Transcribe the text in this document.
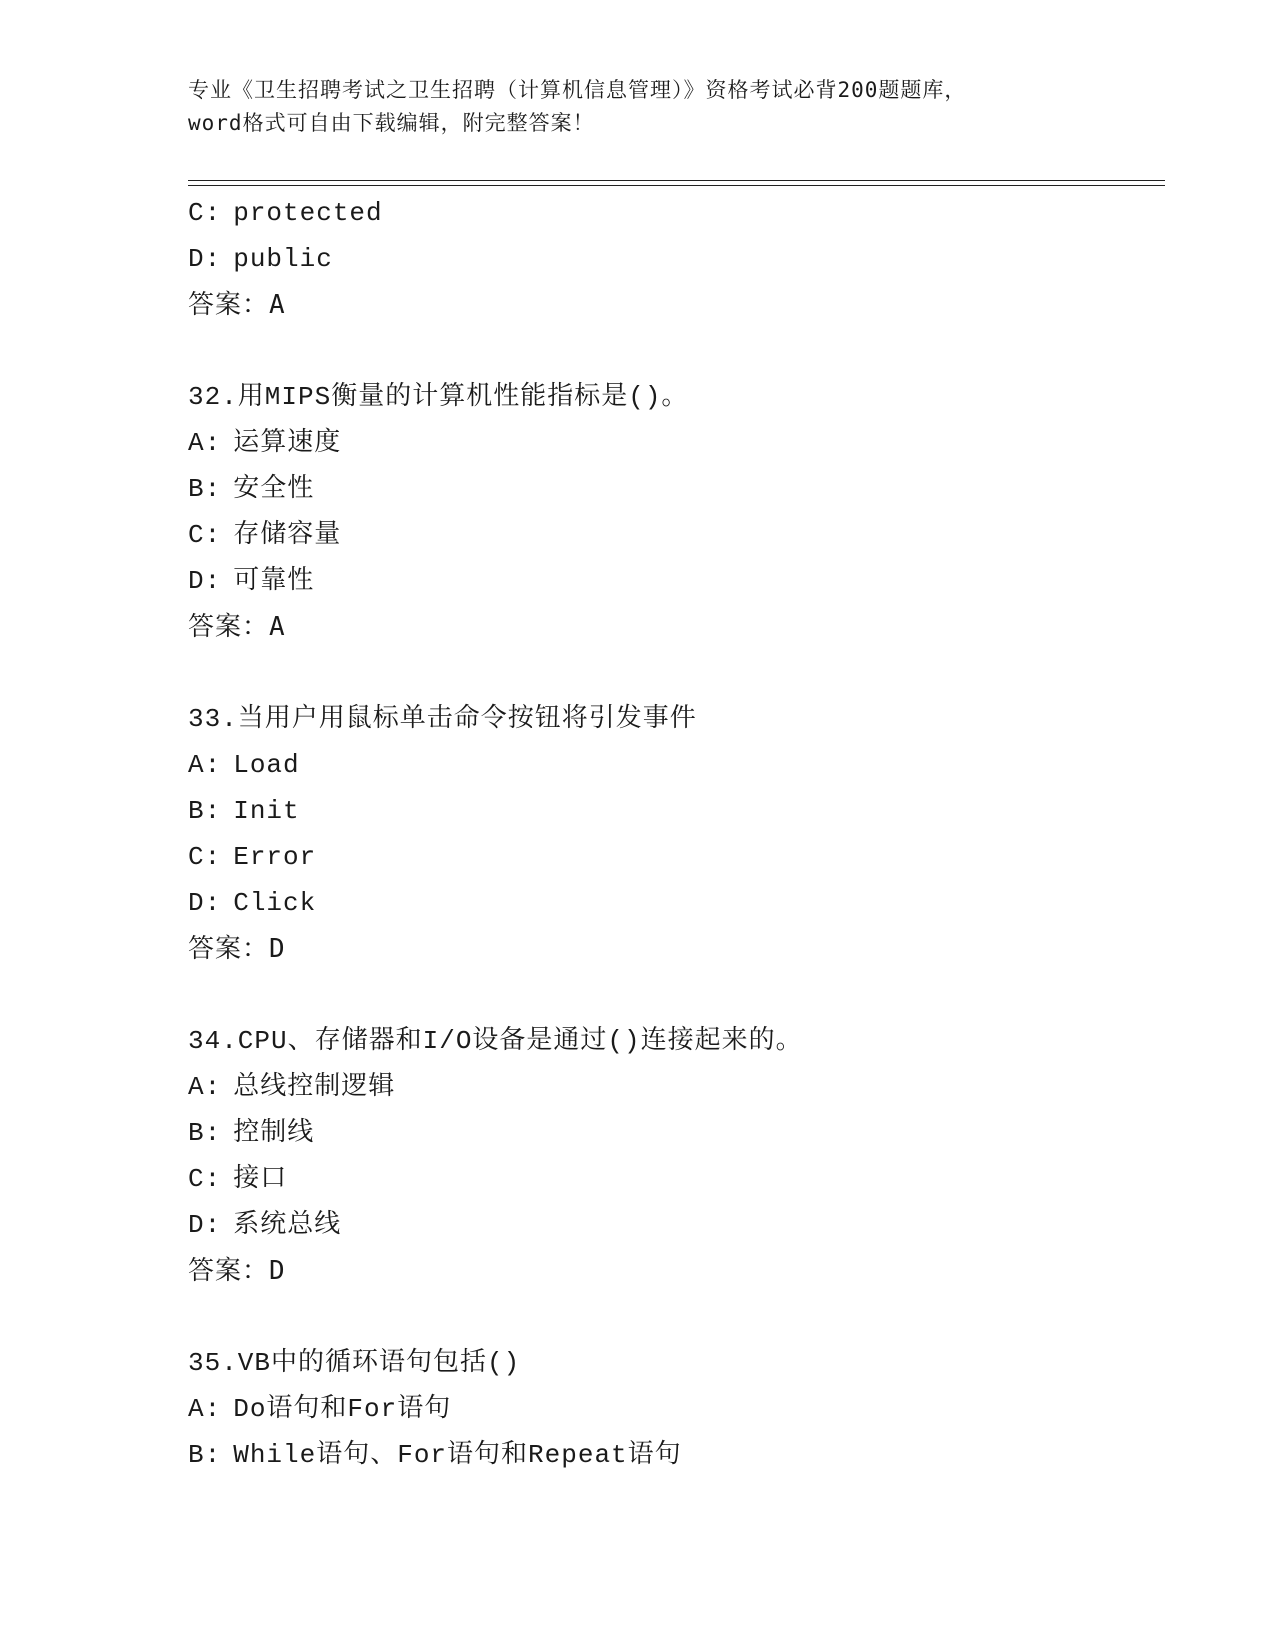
专业《卫生招聘考试之卫生招聘（计算机信息管理）》资格考试必背200题题库，
word格式可自由下载编辑，附完整答案！
C: protected
D: public
答案：A
32.用MIPS衡量的计算机性能指标是()。
A: 运算速度
B: 安全性
C: 存储容量
D: 可靠性
答案：A
33.当用户用鼠标单击命令按钮将引发事件
A: Load
B: Init
C: Error
D: Click
答案：D
34.CPU、存储器和I/O设备是通过()连接起来的。
A: 总线控制逻辑
B: 控制线
C: 接口
D: 系统总线
答案：D
35.VB中的循环语句包括()
A: Do语句和For语句
B: While语句、For语句和Repeat语句
